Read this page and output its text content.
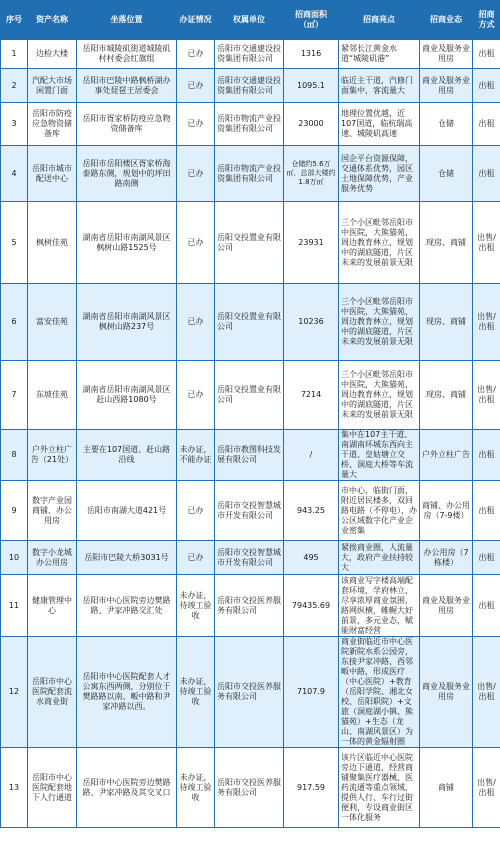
序号	资产名称	坐落位置	办证情况	权属单位	招商面积（㎡）	招商亮点	招商业态	招商方式
1	边检大楼	岳阳市城陵矶街道城陵矶村村委会红旗组	已办	岳阳市交通建设投资集团有限公司	1316	紧邻长江黄金水道“城陵矶港”	商业及服务业用房	出租
2	汽配大市场闲置门面	岳阳市巴陵中路枫桥湖办事处琵琶王居委会	已办	岳阳市交通建设投资集团有限公司	1095.1	临近主干道，汽修门面集中，客流量大	商业及服务业用房	出租
3	岳阳市防疫应急物资储备库	岳阳市胥家桥防疫应急物资储备库	已办	岳阳市物流产业投资集团有限公司	23000	地理位置优越，近107国道，临杭瑞高速、城陵矶高速	仓储	出租
4	岳阳市城市配送中心	岳阳市岳阳楼区胥家桥海泰路东侧，规划中的坪田路南侧	已办	岳阳市物流产业投资集团有限公司	仓储约5.6万㎡，总部大楼约1.8万㎡	国企平台资源保障，交通体系优势，园区土地保障优势，产业服务优势	仓储	出租
5	枫树佳苑	湖南省岳阳市南湖风景区枫树山路1525号	已办	岳阳交投置业有限公司	23931	三个小区毗邻岳阳市中医院，大熊猫苑，周边教育林立，规划中的湖底隧道，片区未来的发展前景无限	现房、商铺	出售/出租
6	富安佳苑	湖南省岳阳市南湖风景区枫树山路237号	已办	岳阳交投置业有限公司	10236	三个小区毗邻岳阳市中医院，大熊猫苑，周边教育林立，规划中的湖底隧道，片区未来的发展前景无限	现房、商铺	出售/出租
7	东坡佳苑	湖南省岳阳市南湖风景区赶山西路1080号	已办	岳阳交投置业有限公司	7214	三个小区毗邻岳阳市中医院，大熊猫苑，周边教育林立，规划中的湖底隧道，片区未来的发展前景无限	现房、商铺	出售/出租
8	户外立柱广告（21处）	主要在107国道、赶山路沿线	未办证，不能办证	岳阳市教图科技发展有限公司	/	集中在107主干道、南湖南环城东西向主干道、皇姑塘立交桥、洞庭大桥等车流量大	户外立柱广告	出租
9	数字产业园商铺、办公用房	岳阳市南湖大道421号	已办	岳阳市交投智慧城市开发有限公司	943.25	市中心，临街门面，附近居民楼多，双回路电路（不停电），办公区域数字化产业企业密集	商铺、办公用房（7-9楼）	出租
10	数字小龙城办公用房	岳阳市巴陵大桥3031号	已办	岳阳市交投智慧城市开发有限公司	495	紧挨商业圈，人流量大，政府产业扶持较大	办公用房（7栋楼）	出租
11	健康管理中心	岳阳市中心医院旁边樊路路、尹家冲路交汇处	未办证，待竣工验收	岳阳市交投医养服务有限公司	79435.69	该商业写字楼高端配套环境，学府林立，尽享浓厚商业氛围，路网纵横，帷幄大好前景，多元业态，赋能财富经营	商业及服务业用房	出租
12	岳阳市中心医院配套流水商业街	岳阳市中心医院配套人才公寓东西两侧，分别位于樊路路以南、畈中路和尹家冲路以西。	未办证，待竣工验收	岳阳市交投医养服务有限公司	7107.9	商业街临近市中心医院新院水系公园旁，东接尹家冲路、西邻畈中路，形成医疗（中心医院）+教育（岳阳学院、湘北女校、岳阳职院）+文旅（洞庭湖小镇、熊猫苑）+生态（龙山、南湖风景区）为一体的黄金辐射圈	商业及服务业用房	出售/出租
13	岳阳市中心医院配套地下人行通道	岳阳市中心医院旁边樊路路、尹家冲路及其交叉口	未办证，待竣工验收	岳阳市交投医养服务有限公司	917.59	该片区临近中心医院旁边下通道，经营商铺聚集医疗器械、医药流通等重点领域，提供人行、车行过街便利，专设商业街区一体化服务	商铺	出售/出租
